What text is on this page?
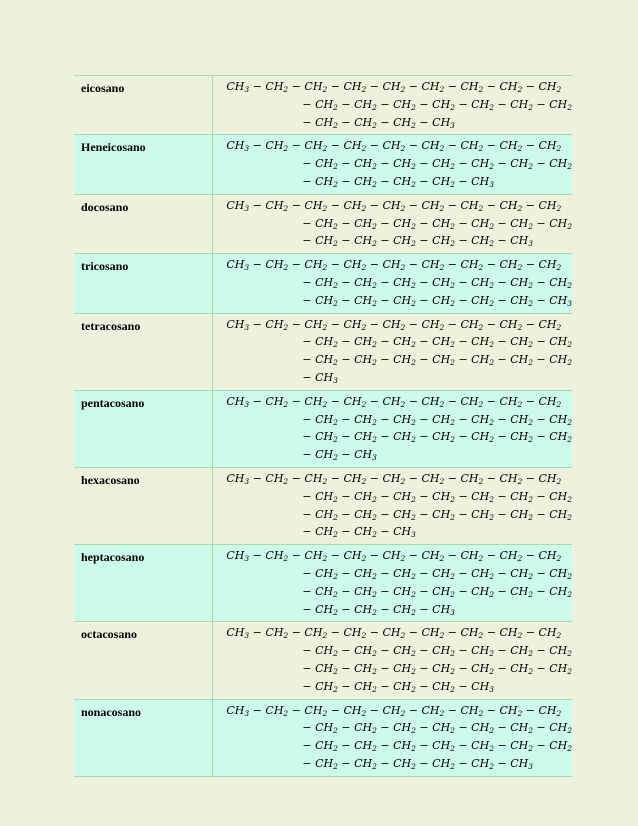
eicosano	$CH_3 - CH_2 - CH_2 - CH_2 - CH_2 - CH_2 - CH_2 - CH_2 - CH_2$
− $CH_2 - CH_2 - CH_2 - CH_2 - CH_2 - CH_2 - CH_2$
− $CH_2 - CH_2 - CH_2 - CH_3$
Heneicosano	$CH_3 - CH_2 - CH_2 - CH_2 - CH_2 - CH_2 - CH_2 - CH_2 - CH_2$
− $CH_2 - CH_2 - CH_2 - CH_2 - CH_2 - CH_2 - CH_2$
− $CH_2 - CH_2 - CH_2 - CH_2 - CH_3$
docosano	$CH_3 - CH_2 - CH_2 - CH_2 - CH_2 - CH_2 - CH_2 - CH_2 - CH_2$
− $CH_2 - CH_2 - CH_2 - CH_2 - CH_2 - CH_2 - CH_2$
− $CH_2 - CH_2 - CH_2 - CH_2 - CH_2 - CH_3$
tricosano	$CH_3 - CH_2 - CH_2 - CH_2 - CH_2 - CH_2 - CH_2 - CH_2 - CH_2$
− $CH_2 - CH_2 - CH_2 - CH_2 - CH_2 - CH_2 - CH_2$
− $CH_2 - CH_2 - CH_2 - CH_2 - CH_2 - CH_2 - CH_3$
tetracosano	$CH_3 - CH_2 - CH_2 - CH_2 - CH_2 - CH_2 - CH_2 - CH_2 - CH_2$
− $CH_2 - CH_2 - CH_2 - CH_2 - CH_2 - CH_2 - CH_2$
− $CH_2 - CH_2 - CH_2 - CH_2 - CH_2 - CH_2 - CH_2$
− $CH_3$
pentacosano	$CH_3 - CH_2 - CH_2 - CH_2 - CH_2 - CH_2 - CH_2 - CH_2 - CH_2$
− $CH_2 - CH_2 - CH_2 - CH_2 - CH_2 - CH_2 - CH_2$
− $CH_2 - CH_2 - CH_2 - CH_2 - CH_2 - CH_2 - CH_2$
− $CH_2 - CH_3$
hexacosano	$CH_3 - CH_2 - CH_2 - CH_2 - CH_2 - CH_2 - CH_2 - CH_2 - CH_2$
− $CH_2 - CH_2 - CH_2 - CH_2 - CH_2 - CH_2 - CH_2$
− $CH_2 - CH_2 - CH_2 - CH_2 - CH_2 - CH_2 - CH_2$
− $CH_2 - CH_2 - CH_3$
heptacosano	$CH_3 - CH_2 - CH_2 - CH_2 - CH_2 - CH_2 - CH_2 - CH_2 - CH_2$
− $CH_2 - CH_2 - CH_2 - CH_2 - CH_2 - CH_2 - CH_2$
− $CH_2 - CH_2 - CH_2 - CH_2 - CH_2 - CH_2 - CH_2$
− $CH_2 - CH_2 - CH_2 - CH_3$
octacosano	$CH_3 - CH_2 - CH_2 - CH_2 - CH_2 - CH_2 - CH_2 - CH_2 - CH_2$
− $CH_2 - CH_2 - CH_2 - CH_2 - CH_2 - CH_2 - CH_2$
− $CH_2 - CH_2 - CH_2 - CH_2 - CH_2 - CH_2 - CH_2$
− $CH_2 - CH_2 - CH_2 - CH_2 - CH_3$
nonacosano	$CH_3 - CH_2 - CH_2 - CH_2 - CH_2 - CH_2 - CH_2 - CH_2 - CH_2$
− $CH_2 - CH_2 - CH_2 - CH_2 - CH_2 - CH_2 - CH_2$
− $CH_2 - CH_2 - CH_2 - CH_2 - CH_2 - CH_2 - CH_2$
− $CH_2 - CH_2 - CH_2 - CH_2 - CH_2 - CH_3$
